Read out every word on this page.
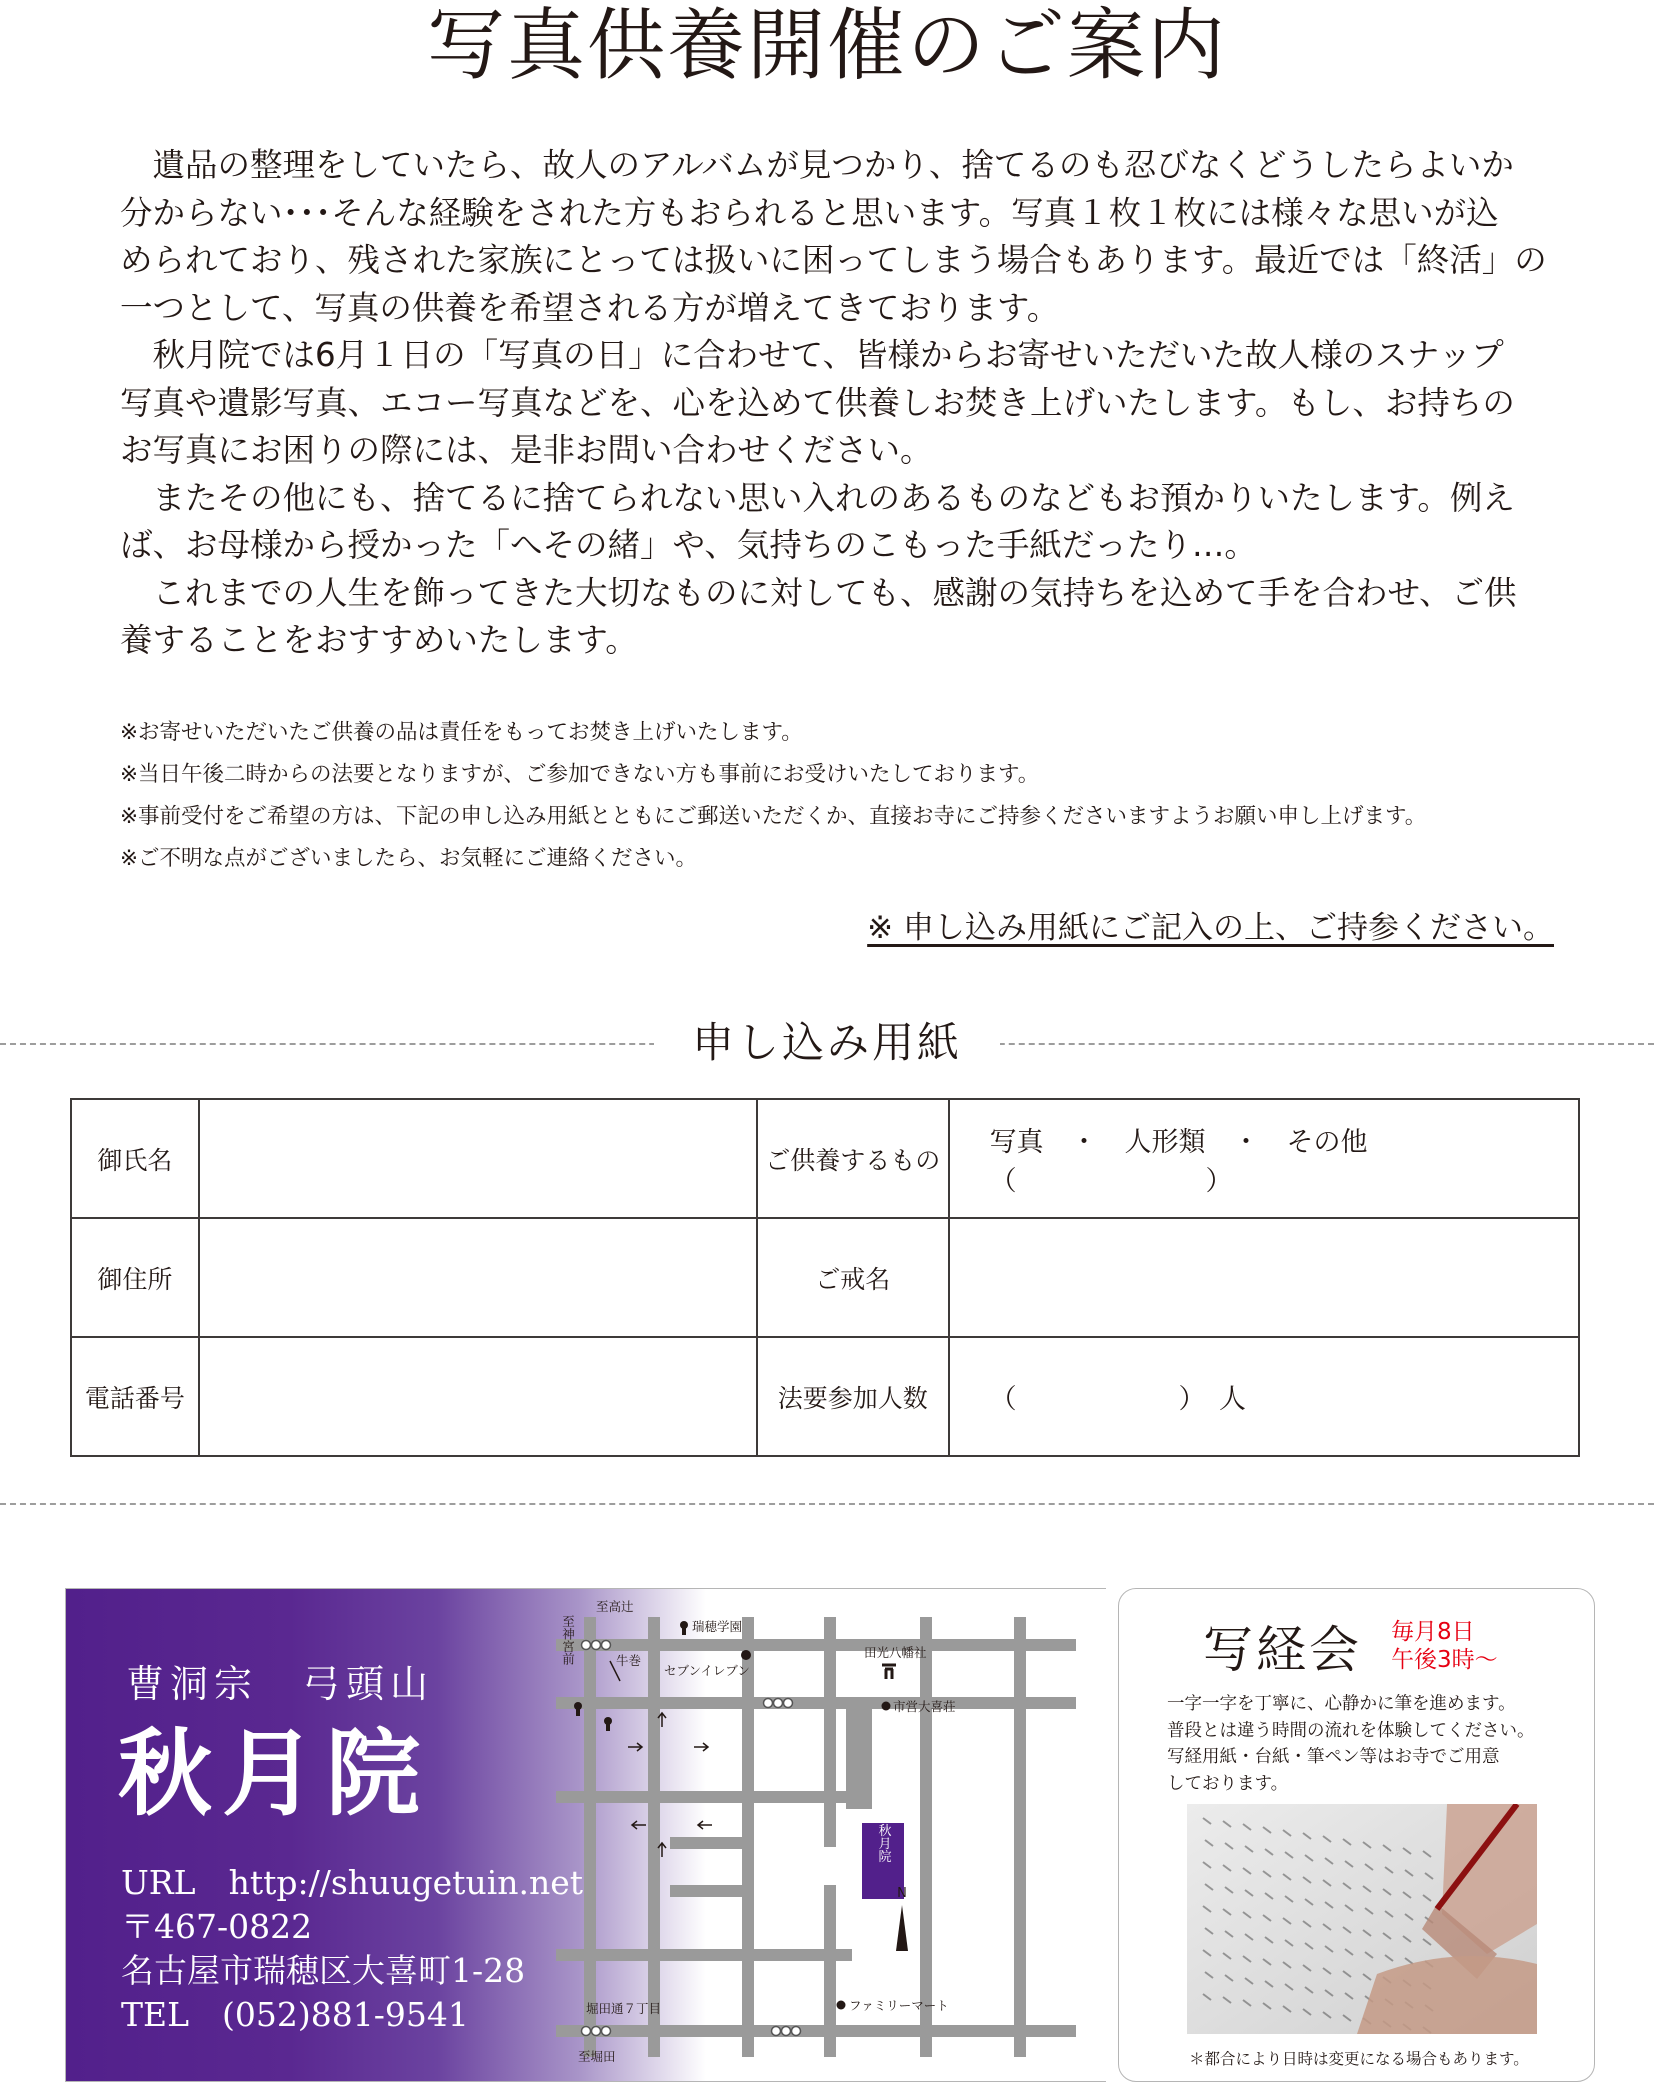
写真供養開催のご案内

遺品の整理をしていたら、故人のアルバムが見つかり、捨てるのも忍びなくどうしたらよいか
分からない･･･そんな経験をされた方もおられると思います。写真１枚１枚には様々な思いが込
められており、残された家族にとっては扱いに困ってしまう場合もあります。最近では「終活」の
一つとして、写真の供養を希望される方が増えてきております。

秋月院では6月１日の「写真の日」に合わせて、皆様からお寄せいただいた故人様のスナップ
写真や遺影写真、エコー写真などを、心を込めて供養しお焚き上げいたします。もし、お持ちの
お写真にお困りの際には、是非お問い合わせください。

またその他にも、捨てるに捨てられない思い入れのあるものなどもお預かりいたします。例え
ば、お母様から授かった「へその緒」や、気持ちのこもった手紙だったり…。

これまでの人生を飾ってきた大切なものに対しても、感謝の気持ちを込めて手を合わせ、ご供
養することをおすすめいたします。

※お寄せいただいたご供養の品は責任をもってお焚き上げいたします。
※当日午後二時からの法要となりますが、ご参加できない方も事前にお受けいたしております。
※事前受付をご希望の方は、下記の申し込み用紙とともにご郵送いただくか、直接お寺にご持参くださいますようお願い申し上げます。
※ご不明な点がございましたら、お気軽にご連絡ください。
※ 申し込み用紙にご記入の上、ご持参ください。
申し込み用紙
御氏名		ご供養するもの	写真　・　人形類　・　その他（　　　　　　　）
御住所		ご戒名	
電話番号		法要参加人数	（　　　　　　）　人
曹洞宗　弓頭山
秋月院
URL　http://shuugetuin.net
〒467-0822
名古屋市瑞穂区大喜町1-28
TEL　(052)881-9541
秋月院
N
至高辻
至神宮前	牛巻
瑞穂学園
セブンイレブン
田光八幡社
市営大喜荘
堀田通７丁目	ファミリーマート
至堀田
写経会 毎月8日
午後3時～
一字一字を丁寧に、心静かに筆を進めます。
普段とは違う時間の流れを体験してください。
写経用紙・台紙・筆ペン等はお寺でご用意
しております。
＊都合により日時は変更になる場合もあります。
